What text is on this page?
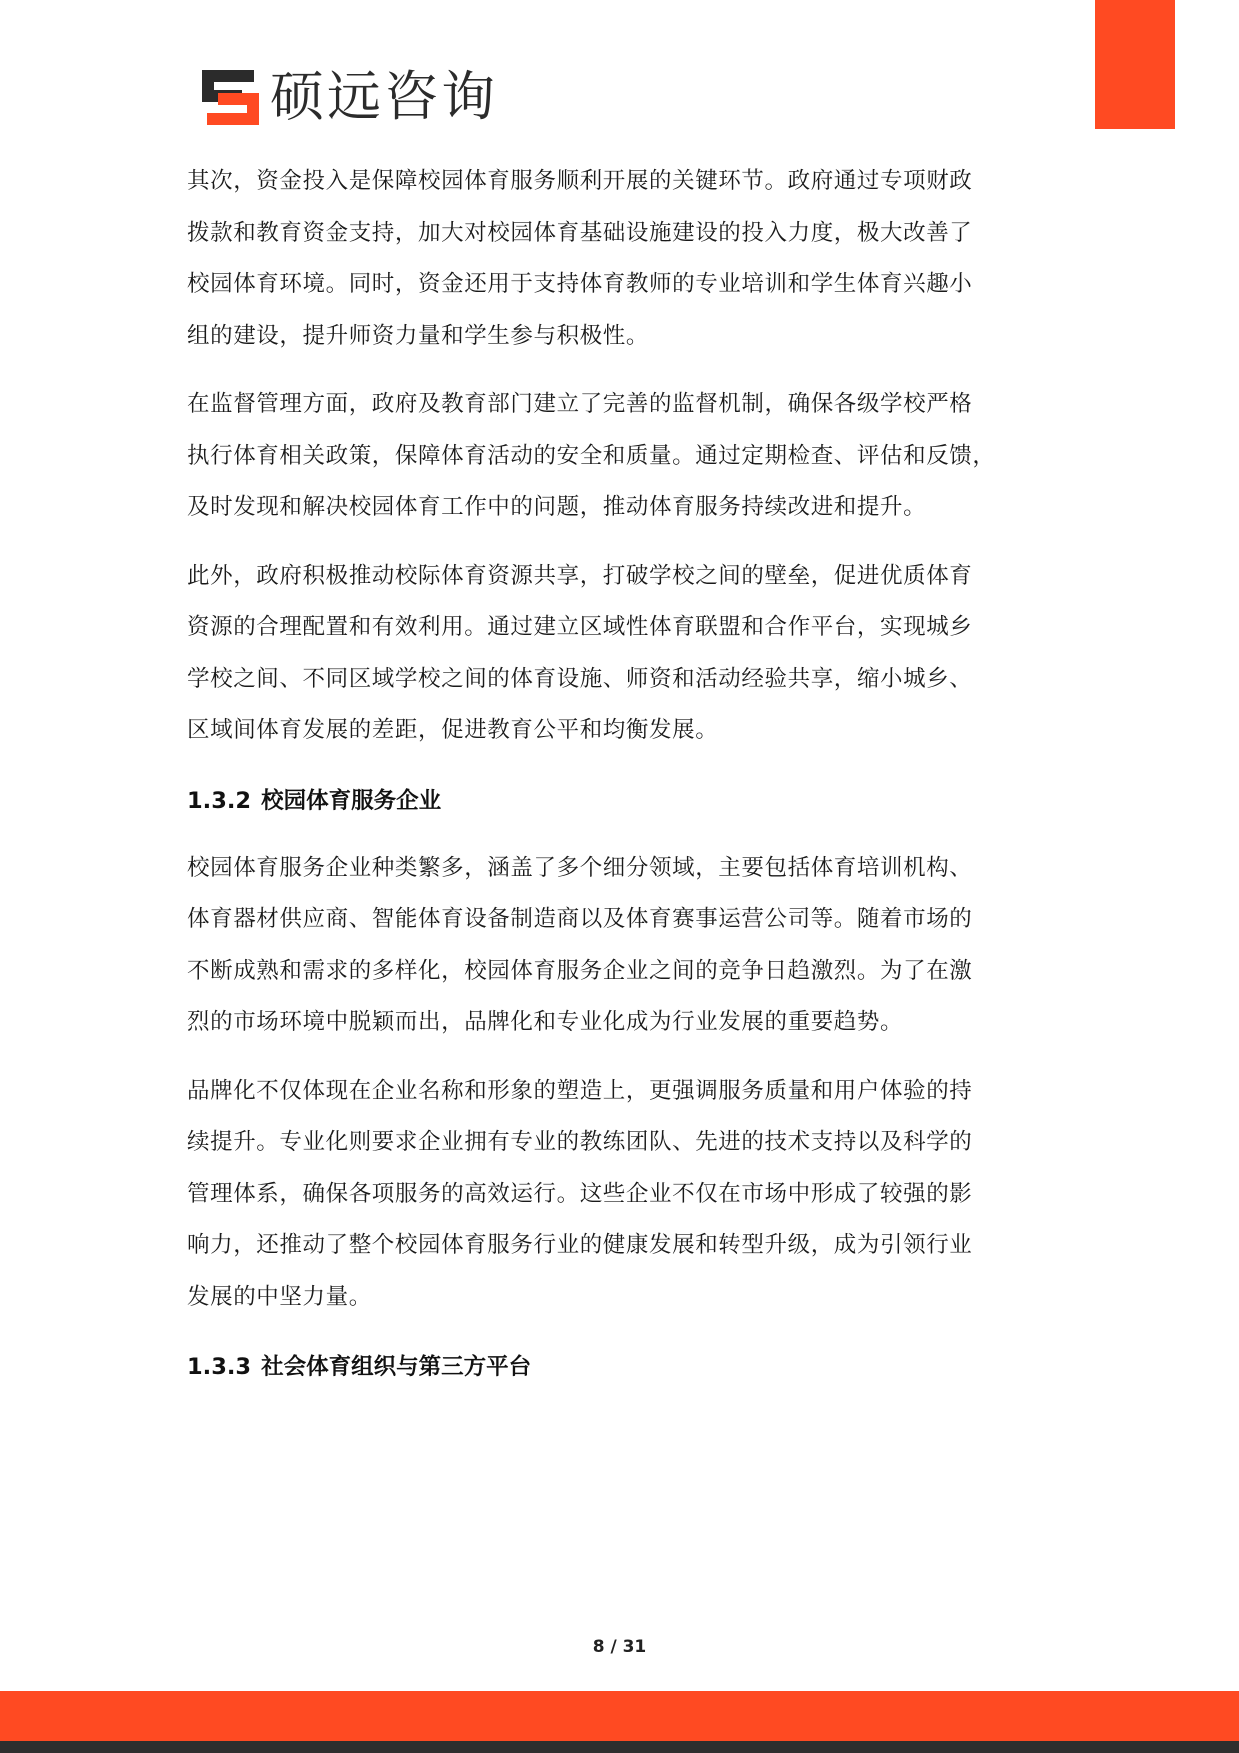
硕远咨询

其次，资金投入是保障校园体育服务顺利开展的关键环节。政府通过专项财政
拨款和教育资金支持，加大对校园体育基础设施建设的投入力度，极大改善了
校园体育环境。同时，资金还用于支持体育教师的专业培训和学生体育兴趣小
组的建设，提升师资力量和学生参与积极性。

在监督管理方面，政府及教育部门建立了完善的监督机制，确保各级学校严格
执行体育相关政策，保障体育活动的安全和质量。通过定期检查、评估和反馈，
及时发现和解决校园体育工作中的问题，推动体育服务持续改进和提升。

此外，政府积极推动校际体育资源共享，打破学校之间的壁垒，促进优质体育
资源的合理配置和有效利用。通过建立区域性体育联盟和合作平台，实现城乡
学校之间、不同区域学校之间的体育设施、师资和活动经验共享，缩小城乡、
区域间体育发展的差距，促进教育公平和均衡发展。

1.3.2 校园体育服务企业

校园体育服务企业种类繁多，涵盖了多个细分领域，主要包括体育培训机构、
体育器材供应商、智能体育设备制造商以及体育赛事运营公司等。随着市场的
不断成熟和需求的多样化，校园体育服务企业之间的竞争日趋激烈。为了在激
烈的市场环境中脱颖而出，品牌化和专业化成为行业发展的重要趋势。

品牌化不仅体现在企业名称和形象的塑造上，更强调服务质量和用户体验的持
续提升。专业化则要求企业拥有专业的教练团队、先进的技术支持以及科学的
管理体系，确保各项服务的高效运行。这些企业不仅在市场中形成了较强的影
响力，还推动了整个校园体育服务行业的健康发展和转型升级，成为引领行业
发展的中坚力量。

1.3.3 社会体育组织与第三方平台
8 / 31
